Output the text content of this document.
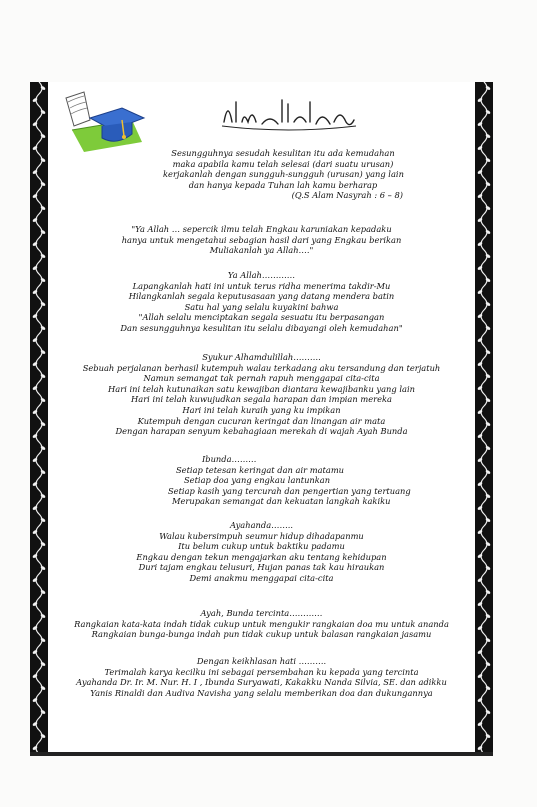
Sesungguhnya sesudah kesulitan itu ada kemudahan
maka apabila kamu telah selesai (dari suatu urusan)
kerjakanlah dengan sungguh-sungguh (urusan) yang lain
dan hanya kepada Tuhan lah kamu berharap
(Q.S Alam Nasyrah : 6 – 8)
"Ya Allah … sepercik ilmu telah Engkau karuniakan kepadaku
hanya untuk mengetahui sebagian hasil dari yang Engkau berikan
Muliakanlah ya Allah…."
Ya Allah…………
Lapangkanlah hati ini untuk terus ridha menerima takdir-Mu
Hilangkanlah segala keputusasaan yang datang mendera batin
Satu hal yang selalu kuyakini bahwa
"Allah selalu menciptakan segala sesuatu itu berpasangan
Dan sesungguhnya kesulitan itu selalu dibayangi oleh kemudahan"
Syukur Alhamdulillah……….
Sebuah perjalanan berhasil kutempuh walau terkadang aku tersandung dan terjatuh
Namun semangat tak pernah rapuh menggapai cita-cita
Hari ini telah kutunaikan satu kewajiban diantara kewajibanku yang lain
Hari ini telah kuwujudkan segala harapan dan impian mereka
Hari ini telah kuraih yang ku impikan
Kutempuh dengan cucuran keringat dan linangan air mata
Dengan harapan senyum kebahagiaan merekah di wajah Ayah Bunda
Ibunda………
Setiap tetesan keringat dan air matamu
Setiap doa yang engkau lantunkan
Setiap kasih yang tercurah dan pengertian yang tertuang
Merupakan semangat dan kekuatan langkah kakiku
Ayahanda……..
Walau kubersimpuh seumur hidup dihadapanmu
Itu belum cukup untuk baktiku padamu
Engkau dengan tekun mengajarkan aku tentang kehidupan
Duri tajam engkau telusuri, Hujan panas tak kau hiraukan
Demi anakmu menggapai cita-cita
Ayah, Bunda tercinta…………
Rangkaian kata-kata indah tidak cukup untuk mengukir rangkaian doa mu untuk ananda
Rangkaian bunga-bunga indah pun tidak cukup untuk balasan rangkaian jasamu
Dengan keikhlasan hati ……….
Terimalah karya kecilku ini sebagai persembahan ku kepada yang tercinta
Ayahanda Dr. Ir. M. Nur. H. I , Ibunda Suryawati, Kakakku Nanda Silvia, SE. dan adikku
Yanis Rinaldi dan Audiva Navisha yang selalu memberikan doa dan dukungannya
